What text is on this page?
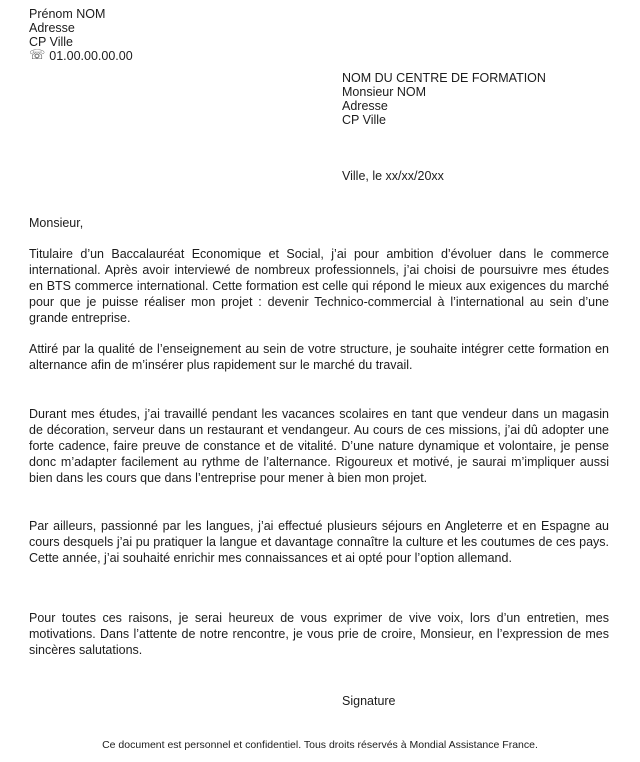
Prénom NOM
Adresse
CP Ville
☏ 01.00.00.00.00
NOM DU CENTRE DE FORMATION
Monsieur NOM
Adresse
CP Ville
Ville, le xx/xx/20xx

Monsieur,

Titulaire d’un Baccalauréat Economique et Social, j’ai pour ambition d’évoluer dans le commerce international. Après avoir interviewé de nombreux professionnels, j’ai choisi de poursuivre mes études en BTS commerce international. Cette formation est celle qui répond le mieux aux exigences du marché pour que je puisse réaliser mon projet : devenir Technico-commercial à l’international au sein d’une grande entreprise.

Attiré par la qualité de l’enseignement au sein de votre structure, je souhaite intégrer cette formation en alternance afin de m’insérer plus rapidement sur le marché du travail.

Durant mes études, j’ai travaillé pendant les vacances scolaires en tant que vendeur dans un magasin de décoration, serveur dans un restaurant et vendangeur. Au cours de ces missions, j’ai dû adopter une forte cadence, faire preuve de constance et de vitalité. D’une nature dynamique et volontaire, je pense donc m’adapter facilement au rythme de l’alternance. Rigoureux et motivé, je saurai m’impliquer aussi bien dans les cours que dans l’entreprise pour mener à bien mon projet.

Par ailleurs, passionné par les langues, j’ai effectué plusieurs séjours en Angleterre et en Espagne au cours desquels j’ai pu pratiquer la langue et davantage connaître la culture et les coutumes de ces pays. Cette année, j’ai souhaité enrichir mes connaissances et ai opté pour l’option allemand.

Pour toutes ces raisons, je serai heureux de vous exprimer de vive voix, lors d’un entretien, mes motivations. Dans l’attente de notre rencontre, je vous prie de croire, Monsieur, en l’expression de mes sincères salutations.

Signature
Ce document est personnel et confidentiel. Tous droits réservés à Mondial Assistance France.
